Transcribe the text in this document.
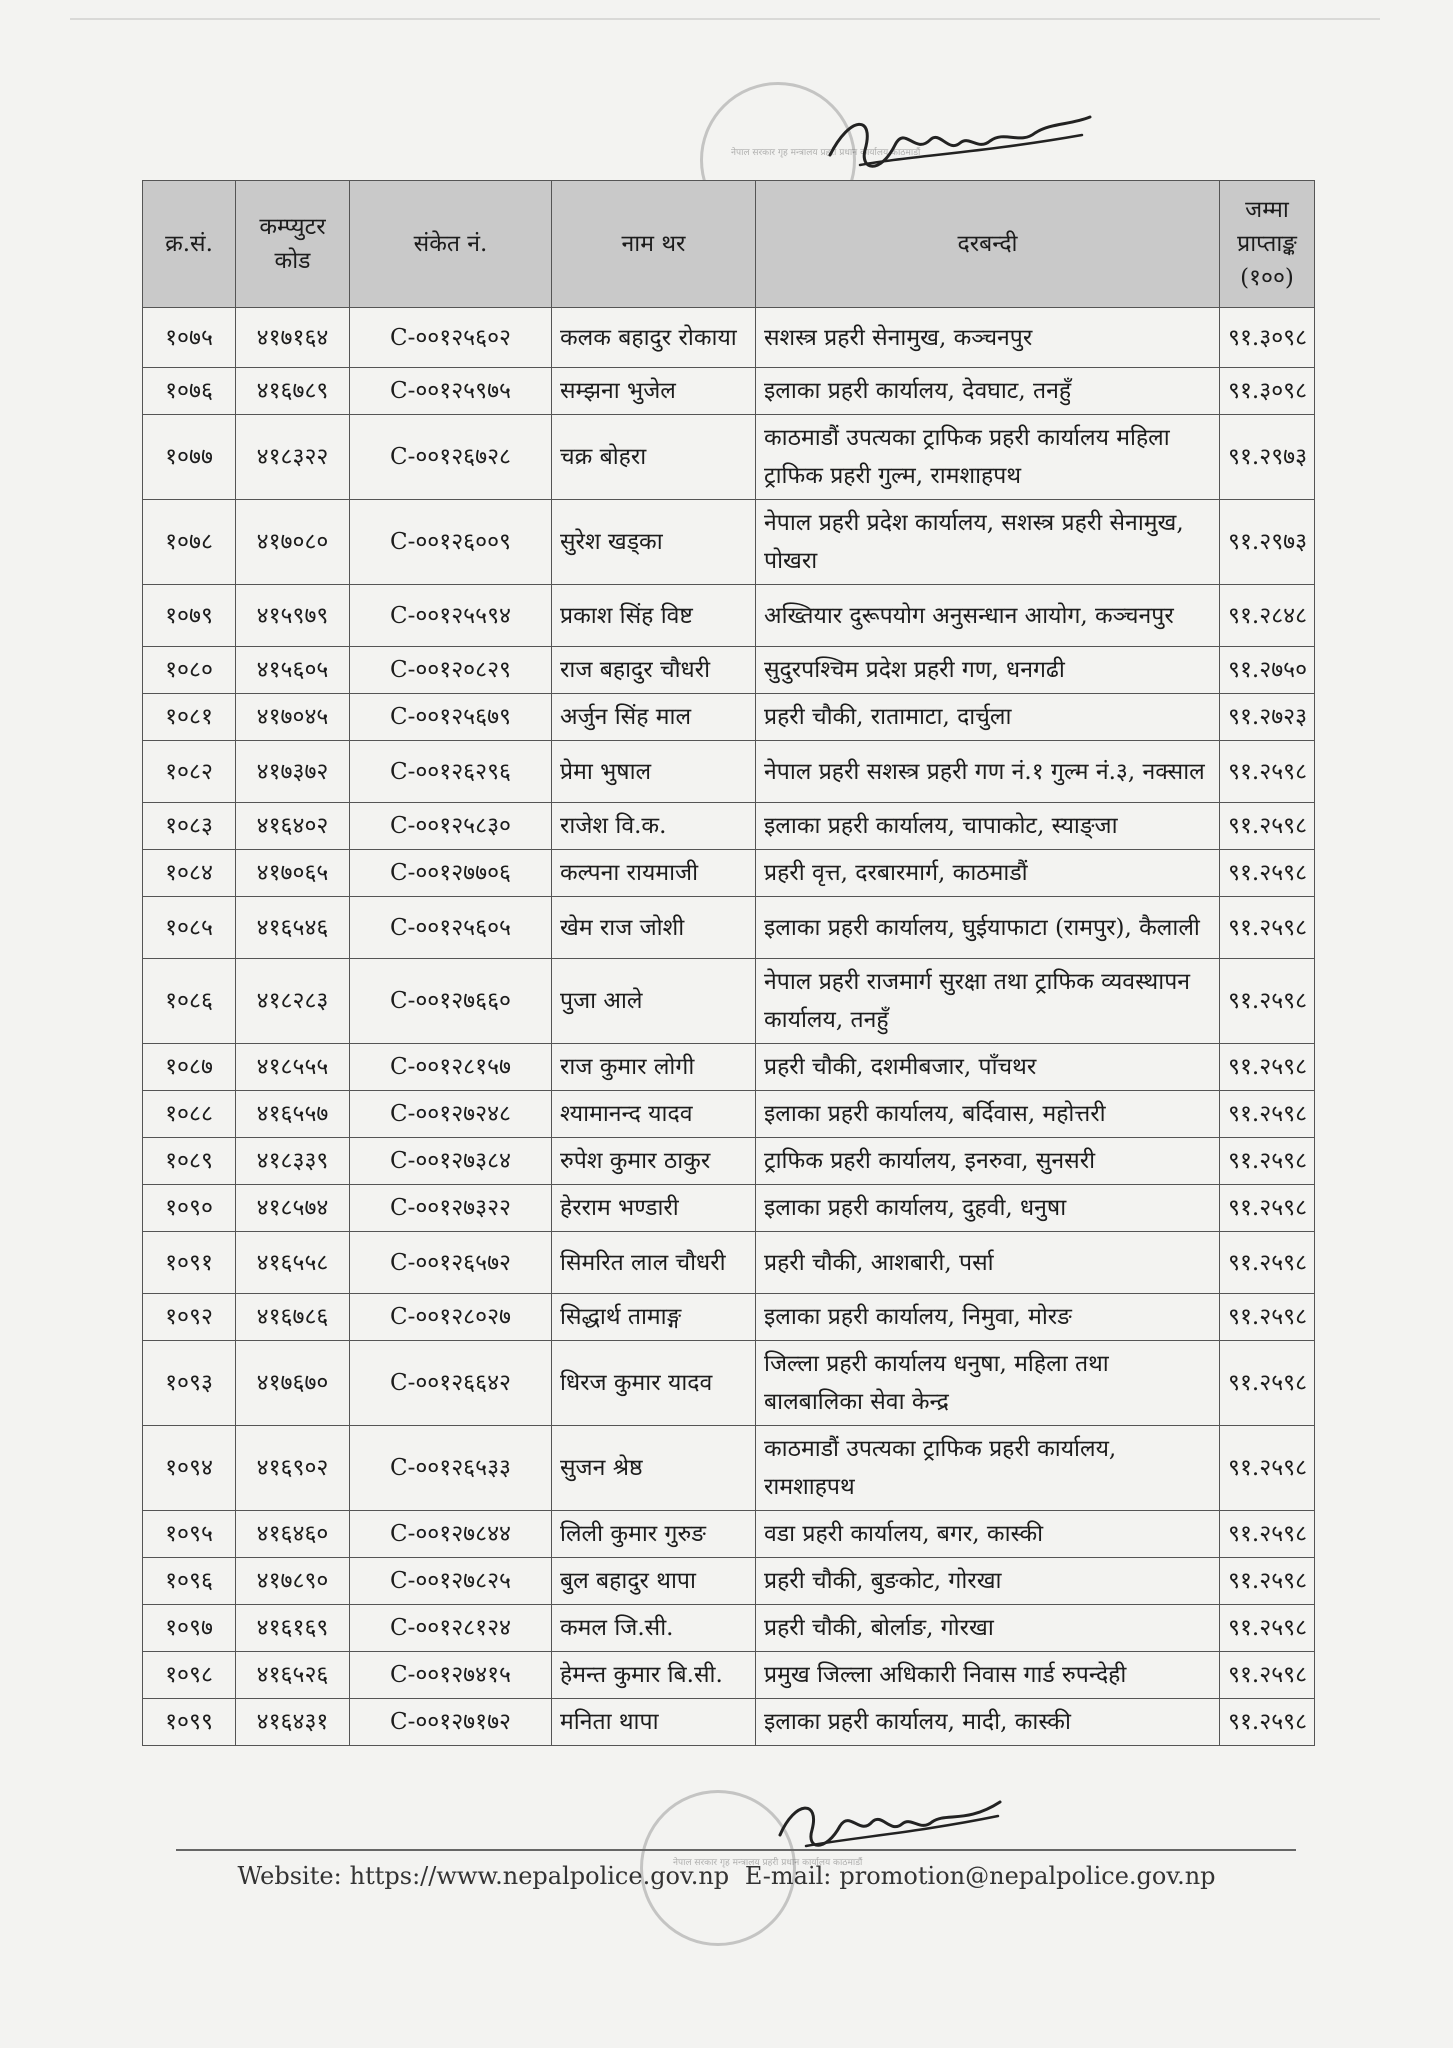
नेपाल सरकार गृह मन्त्रालय प्रहरी प्रधान कार्यालय काठमाडौं
नेपाल सरकार गृह मन्त्रालय प्रहरी प्रधान कार्यालय काठमाडौं
क्र.सं.	कम्प्युटर कोड	संकेत नं.	नाम थर	दरबन्दी	जम्मा प्राप्ताङ्क (१००)
१०७५	४१७१६४	C-००१२५६०२	कलक बहादुर रोकाया	सशस्त्र प्रहरी सेनामुख, कञ्चनपुर	९१.३०९८
१०७६	४१६७८९	C-००१२५९७५	सम्झना भुजेल	इलाका प्रहरी कार्यालय, देवघाट, तनहुँ	९१.३०९८
१०७७	४१८३२२	C-००१२६७२८	चक्र बोहरा	काठमाडौं उपत्यका ट्राफिक प्रहरी कार्यालय महिला ट्राफिक प्रहरी गुल्म, रामशाहपथ	९१.२९७३
१०७८	४१७०८०	C-००१२६००९	सुरेश खड्का	नेपाल प्रहरी प्रदेश कार्यालय, सशस्त्र प्रहरी सेनामुख, पोखरा	९१.२९७३
१०७९	४१५९७९	C-००१२५५९४	प्रकाश सिंह विष्ट	अख्तियार दुरूपयोग अनुसन्धान आयोग, कञ्चनपुर	९१.२८४८
१०८०	४१५६०५	C-००१२०८२९	राज बहादुर चौधरी	सुदुरपश्चिम प्रदेश प्रहरी गण, धनगढी	९१.२७५०
१०८१	४१७०४५	C-००१२५६७९	अर्जुन सिंह माल	प्रहरी चौकी, रातामाटा, दार्चुला	९१.२७२३
१०८२	४१७३७२	C-००१२६२९६	प्रेमा भुषाल	नेपाल प्रहरी सशस्त्र प्रहरी गण नं.१ गुल्म नं.३, नक्साल	९१.२५९८
१०८३	४१६४०२	C-००१२५८३०	राजेश वि.क.	इलाका प्रहरी कार्यालय, चापाकोट, स्याङ्जा	९१.२५९८
१०८४	४१७०६५	C-००१२७७०६	कल्पना रायमाजी	प्रहरी वृत्त, दरबारमार्ग, काठमाडौं	९१.२५९८
१०८५	४१६५४६	C-००१२५६०५	खेम राज जोशी	इलाका प्रहरी कार्यालय, घुईयाफाटा (रामपुर), कैलाली	९१.२५९८
१०८६	४१८२८३	C-००१२७६६०	पुजा आले	नेपाल प्रहरी राजमार्ग सुरक्षा तथा ट्राफिक व्यवस्थापन कार्यालय, तनहुँ	९१.२५९८
१०८७	४१८५५५	C-००१२८१५७	राज कुमार लोगी	प्रहरी चौकी, दशमीबजार, पाँचथर	९१.२५९८
१०८८	४१६५५७	C-००१२७२४८	श्यामानन्द यादव	इलाका प्रहरी कार्यालय, बर्दिवास, महोत्तरी	९१.२५९८
१०८९	४१८३३९	C-००१२७३८४	रुपेश कुमार ठाकुर	ट्राफिक प्रहरी कार्यालय, इनरुवा, सुनसरी	९१.२५९८
१०९०	४१८५७४	C-००१२७३२२	हेरराम भण्डारी	इलाका प्रहरी कार्यालय, दुहवी, धनुषा	९१.२५९८
१०९१	४१६५५८	C-००१२६५७२	सिमरित लाल चौधरी	प्रहरी चौकी, आशबारी, पर्सा	९१.२५९८
१०९२	४१६७८६	C-००१२८०२७	सिद्धार्थ तामाङ्ग	इलाका प्रहरी कार्यालय, निमुवा, मोरङ	९१.२५९८
१०९३	४१७६७०	C-००१२६६४२	धिरज कुमार यादव	जिल्ला प्रहरी कार्यालय धनुषा, महिला तथा बालबालिका सेवा केन्द्र	९१.२५९८
१०९४	४१६९०२	C-००१२६५३३	सुजन श्रेष्ठ	काठमाडौं उपत्यका ट्राफिक प्रहरी कार्यालय, रामशाहपथ	९१.२५९८
१०९५	४१६४६०	C-००१२७८४४	लिली कुमार गुरुङ	वडा प्रहरी कार्यालय, बगर, कास्की	९१.२५९८
१०९६	४१७८९०	C-००१२७८२५	बुल बहादुर थापा	प्रहरी चौकी, बुङकोट, गोरखा	९१.२५९८
१०९७	४१६१६९	C-००१२८१२४	कमल जि.सी.	प्रहरी चौकी, बोर्लाङ, गोरखा	९१.२५९८
१०९८	४१६५२६	C-००१२७४१५	हेमन्त कुमार बि.सी.	प्रमुख जिल्ला अधिकारी निवास गार्ड रुपन्देही	९१.२५९८
१०९९	४१६४३१	C-००१२७१७२	मनिता थापा	इलाका प्रहरी कार्यालय, मादी, कास्की	९१.२५९८
Website: https://www.nepalpolice.gov.np E-mail: promotion@nepalpolice.gov.np
